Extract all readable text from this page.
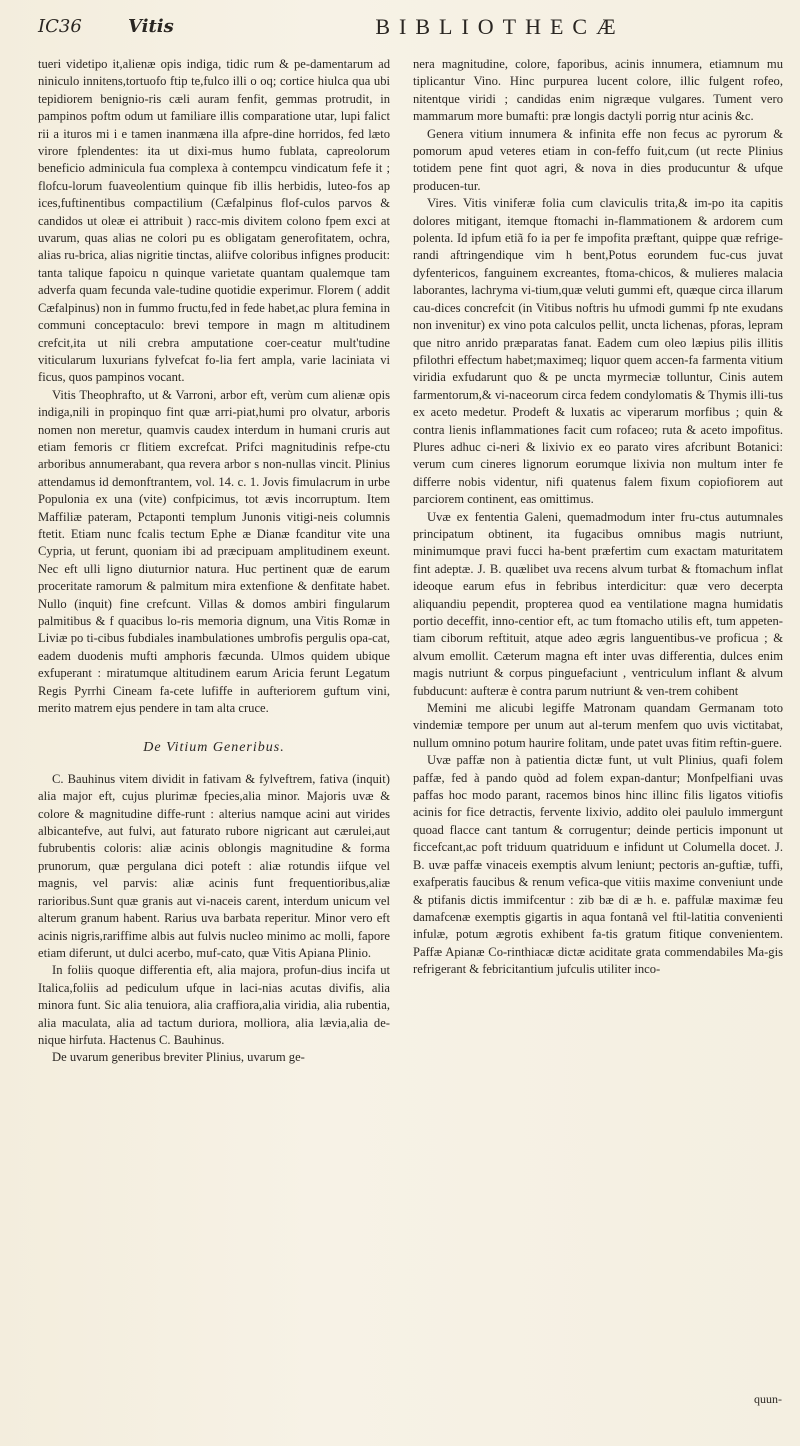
IC36	Vitis	BIBLIOTHECÆ

tueri videtipo it,alienæ opis indiga, tidic rum & pe-damentarum ad niniculo innitens,tortuofo ftip te,fulco illi o oq; cortice hiulca qua ubi tepidiorem benignio-ris cæli auram fenfit, gemmas protrudit, in pampinos poftm odum ut familiare illis comparatione utar, lupi falict rii a ituros mi i e tamen inanmæna illa afpre-dine horridos, fed læto virore fplendentes: ita ut dixi-mus humo fublata, capreolorum beneficio adminicula fua complexa à contempcu vindicatum fefe it ; flofcu-lorum fuaveolentium quinque fib illis herbidis, luteo-fos ap ices,fuftinentibus compactilium (Cæfalpinus flof-culos parvos & candidos ut oleæ ei attribuit ) racc-mis divitem colono fpem exci at uvarum, quas alias ne colori pu es obligatam generofitatem, ochra, alias ru-brica, alias nigritie tinctas, aliifve coloribus infignes producit: tanta talique fapoicu n quinque varietate quantam qualemque tam adverfa quam fecunda vale-tudine quotidie experimur. Florem ( addit Cæfalpinus) non in fummo fructu,fed in fede habet,ac plura femina in communi conceptaculo: brevi tempore in magn m altitudinem crefcit,ita ut nili crebra amputatione coer-ceatur mult'tudine viticularum luxurians fylvefcat fo-lia fert ampla, varie laciniata vi ficus, quos pampinos vocant.

Vitis Theophrafto, ut & Varroni, arbor eft, verùm cum alienæ opis indiga,nili in propinquo fint quæ arri-piat,humi pro olvatur, arboris nomen non meretur, quamvis caudex interdum in humani cruris aut etiam femoris cr flitiem excrefcat. Prifci magnitudinis refpe-ctu arboribus annumerabant, qua revera arbor s non-nullas vincit. Plinius attendamus id demonftrantem, vol. 14. c. 1. Jovis fimulacrum in urbe Populonia ex una (vite) confpicimus, tot ævis incorruptum. Item Maffiliæ pateram, Pctaponti templum Junonis vitigi-neis columnis ftetit. Etiam nunc fcalis tectum Ephe æ Dianæ fcanditur vite una Cypria, ut ferunt, quoniam ibi ad præcipuam amplitudinem exeunt. Nec eft ulli ligno diuturnior natura. Huc pertinent quæ de earum proceritate ramorum & palmitum mira extenfione & denfitate habet. Nullo (inquit) fine crefcunt. Villas & domos ambiri fingularum palmitibus & f quacibus lo-ris memoria dignum, una Vitis Romæ in Liviæ po ti-cibus fubdiales inambulationes umbrofis pergulis opa-cat, eadem duodenis mufti amphoris fæcunda. Ulmos quidem ubique exfuperant : miratumque altitudinem earum Aricia ferunt Legatum Regis Pyrrhi Cineam fa-cete lufiffe in aufteriorem guftum vini, merito matrem ejus pendere in tam alta cruce.

De Vitium Generibus.

C. Bauhinus vitem dividit in fativam & fylveftrem, fativa (inquit) alia major eft, cujus plurimæ fpecies,alia minor. Majoris uvæ & colore & magnitudine diffe-runt : alterius namque acini aut virides albicantefve, aut fulvi, aut faturato rubore nigricant aut cærulei,aut fubrubentis coloris: aliæ acinis oblongis magnitudine & forma prunorum, quæ pergulana dici poteft : aliæ rotundis iifque vel magnis, vel parvis: aliæ acinis funt frequentioribus,aliæ rarioribus.Sunt quæ granis aut vi-naceis carent, interdum unicum vel alterum granum habent. Rarius uva barbata reperitur. Minor vero eft acinis nigris,rariffime albis aut fulvis nucleo minimo ac molli, fapore etiam diferunt, ut dulci acerbo, muf-cato, quæ Vitis Apiana Plinio.

In foliis quoque differentia eft, alia majora, profun-dius incifa ut Italica,foliis ad pediculum ufque in laci-nias acutas divifis, alia minora funt. Sic alia tenuiora, alia craffiora,alia viridia, alia rubentia, alia maculata, alia ad tactum duriora, molliora, alia lævia,alia de-nique hirfuta. Hactenus C. Bauhinus.

De uvarum generibus breviter Plinius, uvarum ge-

nera magnitudine, colore, faporibus, acinis innumera, etiamnum mu tiplicantur Vino. Hinc purpurea lucent colore, illic fulgent rofeo, nitentque viridi ; candidas enim nigræque vulgares. Tument vero mammarum more bumafti: præ longis dactyli porrig ntur acinis &c.

Genera vitium innumera & infinita effe non fecus ac pyrorum & pomorum apud veteres etiam in con-feffo fuit,cum (ut recte Plinius totidem pene fint quot agri, & nova in dies producuntur & ufque producen-tur.

Vires. Vitis viniferæ folia cum claviculis trita,& im-po ita capitis dolores mitigant, itemque ftomachi in-flammationem & ardorem cum polenta. Id ipfum etiã fo ia per fe impofita præftant, quippe quæ refrige-randi aftringendique vim h bent,Potus eorundem fuc-cus juvat dyfentericos, fanguinem excreantes, ftoma-chicos, & mulieres malacia laborantes, lachryma vi-tium,quæ veluti gummi eft, quæque circa illarum cau-dices concrefcit (in Vitibus noftris hu ufmodi gummi fp nte exudans non invenitur) ex vino pota calculos pellit, uncta lichenas, pforas, lepram que nitro anrido præparatas fanat. Eadem cum oleo læpius pilis illitis pfilothri effectum habet;maximeq; liquor quem accen-fa farmenta vitium viridia exfudarunt quo & pe uncta myrmeciæ tolluntur, Cinis autem farmentorum,& vi-naceorum circa fedem condylomatis & Thymis illi-tus ex aceto medetur. Prodeft & luxatis ac viperarum morfibus ; quin & contra lienis inflammationes facit cum rofaceo; ruta & aceto impofitus. Plures adhuc ci-neri & lixivio ex eo parato vires afcribunt Botanici: verum cum cineres lignorum eorumque lixivia non multum inter fe differre nobis videntur, nifi quatenus falem fixum copiofiorem aut parciorem continent, eas omittimus.

Uvæ ex fententia Galeni, quemadmodum inter fru-ctus autumnales principatum obtinent, ita fugacibus omnibus magis nutriunt, minimumque pravi fucci ha-bent præfertim cum exactam maturitatem fint adeptæ. J. B. quælibet uva recens alvum turbat & ftomachum inflat ideoque earum efus in febribus interdicitur: quæ vero decerpta aliquandiu pependit, propterea quod ea ventilatione magna humidatis portio deceffit, inno-centior eft, ac tum ftomacho utilis eft, tum appeten-tiam ciborum reftituit, atque adeo ægris languentibus-ve proficua ; & alvum emollit. Cæterum magna eft inter uvas differentia, dulces enim magis nutriunt & corpus pinguefaciunt , ventriculum inflant & alvum fubducunt: aufteræ è contra parum nutriunt & ven-trem cohibent

Memini me alicubi legiffe Matronam quandam Germanam toto vindemiæ tempore per unum aut al-terum menfem quo uvis victitabat, nullum omnino potum haurire folitam, unde patet uvas fitim reftin-guere.

Uvæ paffæ non à patientia dictæ funt, ut vult Plinius, quafi folem paffæ, fed à pando quòd ad folem expan-dantur; Monfpelfiani uvas paffas hoc modo parant, racemos binos hinc illinc filis ligatos vitiofis acinis for fice detractis, fervente lixivio, addito olei paululo immergunt quoad flacce cant tantum & corrugentur; deinde perticis imponunt ut ficcefcant,ac poft triduum quatriduum e infidunt ut Columella docet. J. B. uvæ paffæ vinaceis exemptis alvum leniunt; pectoris an-guftiæ, tuffi, exafperatis faucibus & renum vefica-que vitiis maxime conveniunt unde & ptifanis dictis immifcentur : zib bæ di æ h. e. paffulæ maximæ feu damafcenæ exemptis gigartis in aqua fontanâ vel ftil-latitia convenienti infulæ, potum ægrotis exhibent fa-tis gratum fitique convenientem. Paffæ Apianæ Co-rinthiacæ dictæ aciditate grata commendabiles Ma-gis refrigerant & febricitantium jufculis utiliter inco-

quun-
